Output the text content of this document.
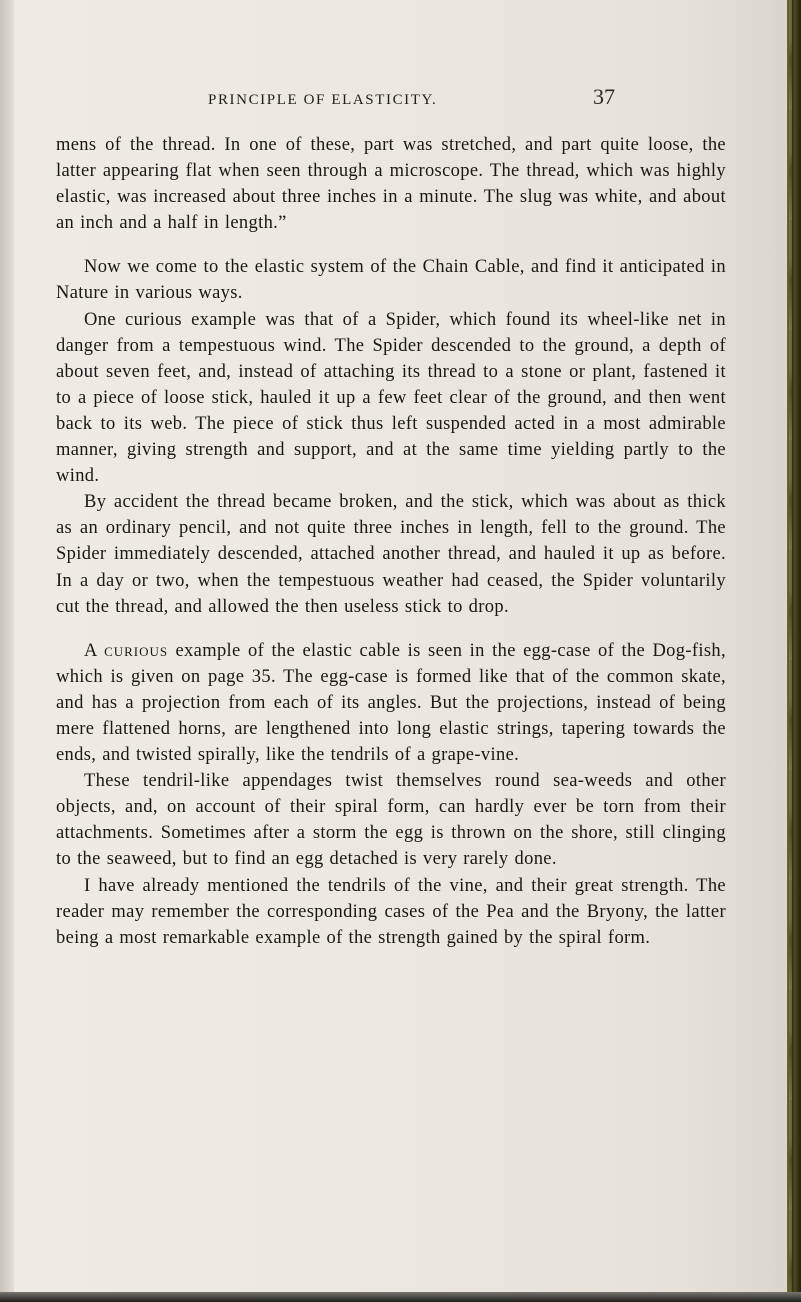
PRINCIPLE OF ELASTICITY.	37

mens of the thread. In one of these, part was stretched, and part quite loose, the latter appearing flat when seen through a microscope. The thread, which was highly elastic, was increased about three inches in a minute. The slug was white, and about an inch and a half in length.”

Now we come to the elastic system of the Chain Cable, and find it anticipated in Nature in various ways.

One curious example was that of a Spider, which found its wheel-like net in danger from a tempestuous wind. The Spider descended to the ground, a depth of about seven feet, and, instead of attaching its thread to a stone or plant, fastened it to a piece of loose stick, hauled it up a few feet clear of the ground, and then went back to its web. The piece of stick thus left suspended acted in a most admirable manner, giving strength and support, and at the same time yielding partly to the wind.

By accident the thread became broken, and the stick, which was about as thick as an ordinary pencil, and not quite three inches in length, fell to the ground. The Spider immediately descended, attached another thread, and hauled it up as before. In a day or two, when the tempestuous weather had ceased, the Spider voluntarily cut the thread, and allowed the then useless stick to drop.

A curious example of the elastic cable is seen in the egg-case of the Dog-fish, which is given on page 35. The egg-case is formed like that of the common skate, and has a projection from each of its angles. But the projections, instead of being mere flattened horns, are lengthened into long elastic strings, tapering towards the ends, and twisted spirally, like the tendrils of a grape-vine.

These tendril-like appendages twist themselves round sea-weeds and other objects, and, on account of their spiral form, can hardly ever be torn from their attachments. Sometimes after a storm the egg is thrown on the shore, still clinging to the seaweed, but to find an egg detached is very rarely done.

I have already mentioned the tendrils of the vine, and their great strength. The reader may remember the corresponding cases of the Pea and the Bryony, the latter being a most remarkable example of the strength gained by the spiral form.
